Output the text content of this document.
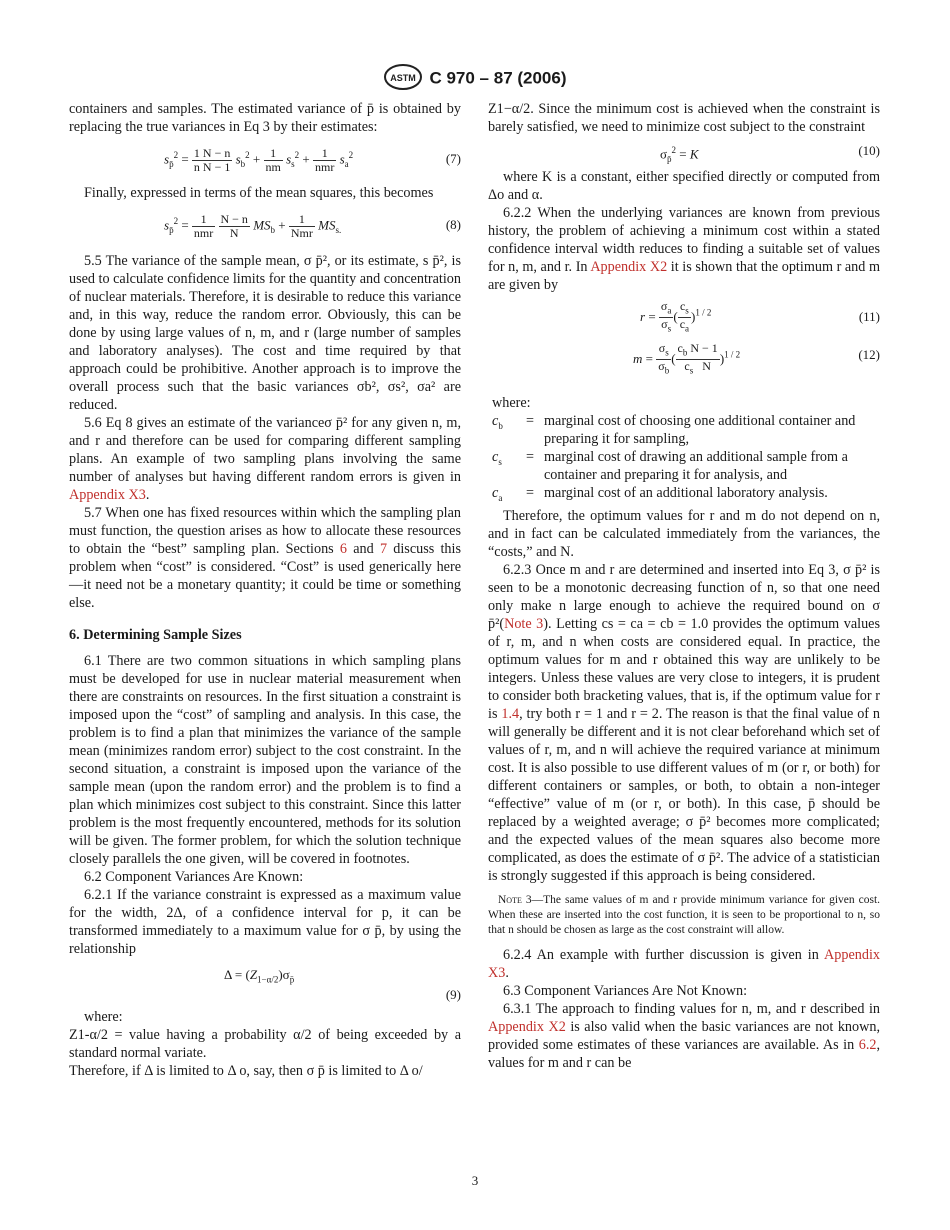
ASTM C 970 – 87 (2006)

containers and samples. The estimated variance of p̄ is obtained by replacing the true variances in Eq 3 by their estimates:

$s_{p̄}^2 = \frac{1 N - n}{\text{n N − 1}} s_b^2 + \frac{1}{nm} s_s^2 + 1$
nmr
$s_a^2$	(7)

Finally, expressed in terms of the mean squares, this becomes

$s_{p̄}^2 = 1$
nmr
$\frac{N - n}{N} MS_b + 1$
Nmr
$MS_{s.}$	(8)

5.5 The variance of the sample mean, σ p̄², or its estimate, s p̄², is used to calculate confidence limits for the quantity and concentration of nuclear materials. Therefore, it is desirable to reduce this variance and, in this way, reduce the random error. Obviously, this can be done by using large values of n, m, and r (large number of samples and laboratory analyses). The cost and time required by that approach could be prohibitive. Another approach is to improve the overall process such that the basic variances σb², σs², σa² are reduced.

5.6 Eq 8 gives an estimate of the varianceσ p̄² for any given n, m, and r and therefore can be used for comparing different sampling plans. An example of two sampling plans involving the same number of analyses but having different random errors is given in Appendix X3.

5.7 When one has fixed resources within which the sampling plan must function, the question arises as how to allocate these resources to obtain the “best” sampling plan. Sections 6 and 7 discuss this problem when “cost” is considered. “Cost” is used generically here—it need not be a monetary quantity; it could be time or something else.

6. Determining Sample Sizes

6.1 There are two common situations in which sampling plans must be developed for use in nuclear material measurement when there are constraints on resources. In the first situation a constraint is imposed upon the “cost” of sampling and analysis. In this case, the problem is to find a plan that minimizes the variance of the sample mean (minimizes random error) subject to the cost constraint. In the second situation, a constraint is imposed upon the variance of the sample mean (upon the random error) and the problem is to find a plan which minimizes cost subject to this constraint. Since this latter problem is the most frequently encountered, methods for its solution will be given. The former problem, for which the solution technique closely parallels the one given, will be covered in footnotes.

6.2 Component Variances Are Known:

6.2.1 If the variance constraint is expressed as a maximum value for the width, 2Δ, of a confidence interval for p, it can be transformed immediately to a maximum value for σ p̄, by using the relationship

$\Delta = (Z_{1-\alpha/2})\sigma_{p̄}$
(9)

where:

Z1-α/2 = value having a probability α/2 of being exceeded by a standard normal variate.

Therefore, if Δ is limited to Δ o, say, then σ p̄ is limited to Δ o/

Z1−α/2. Since the minimum cost is achieved when the constraint is barely satisfied, we need to minimize cost subject to the constraint

$\sigma_{p̄}^2 = K$	(10)

where K is a constant, either specified directly or computed from Δo and α.

6.2.2 When the underlying variances are known from previous history, the problem of achieving a minimum cost within a stated confidence interval width reduces to finding a suitable set of values for n, m, and r. In Appendix X2 it is shown that the optimum r and m are given by

$r = \frac{\sigma_a}{\sigma_s}$ ( $\frac{c_s}{c_a} )^{1 / 2}$	(11)
$m = \frac{\sigma_s}{\sigma_b}$ ( $\frac{c_b N - 1}{c_s N} )^{1 / 2}$	(12)

where:

$c_b$	= marginal cost of choosing one additional container and preparing it for sampling,
$c_s$	= marginal cost of drawing an additional sample from a container and preparing it for analysis, and
$c_a$	= marginal cost of an additional laboratory analysis.

Therefore, the optimum values for r and m do not depend on n, and in fact can be calculated immediately from the variances, the “costs,” and N.

6.2.3 Once m and r are determined and inserted into Eq 3, σ p̄² is seen to be a monotonic decreasing function of n, so that one need only make n large enough to achieve the required bound on σ p̄²(Note 3). Letting cs = ca = cb = 1.0 provides the optimum values of r, m, and n when costs are considered equal. In practice, the optimum values for m and r obtained this way are unlikely to be integers. Unless these values are very close to integers, it is prudent to consider both bracketing values, that is, if the optimum value for r is 1.4, try both r = 1 and r = 2. The reason is that the final value of n will generally be different and it is not clear beforehand which set of values of r, m, and n will achieve the required variance at minimum cost. It is also possible to use different values of m (or r, or both) for different containers or samples, or both, to obtain a non-integer “effective” value of m (or r, or both). In this case, p̄ should be replaced by a weighted average; σ p̄² becomes more complicated; and the expected values of the mean squares also become more complicated, as does the estimate of σ p̄². The advice of a statistician is strongly suggested if this approach is being considered.

Note 3—The same values of m and r provide minimum variance for given cost. When these are inserted into the cost function, it is seen to be proportional to n, so that n should be chosen as large as the cost constraint will allow.

6.2.4 An example with further discussion is given in Appendix X3.

6.3 Component Variances Are Not Known:

6.3.1 The approach to finding values for n, m, and r described in Appendix X2 is also valid when the basic variances are not known, provided some estimates of these variances are available. As in 6.2, values for m and r can be

3
